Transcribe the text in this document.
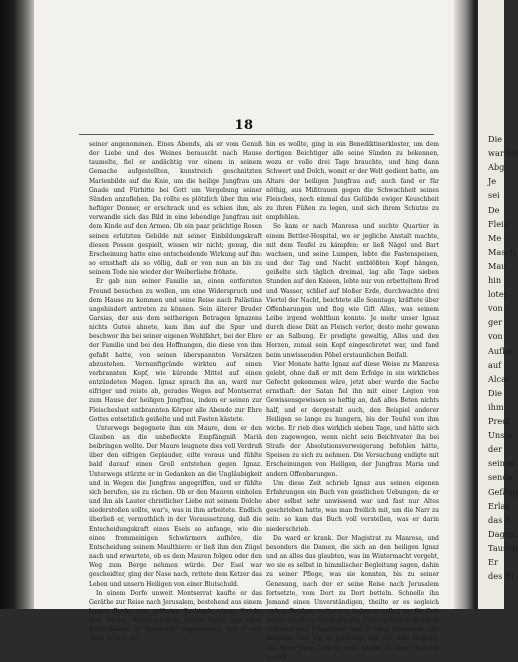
18

seiner angenommen. Eines Abends, als er vom Genuß der Liebe und des Weines berauscht nach Hause taumelte, fiel er andächtig vor einem in seinem Gemache aufgestellten, kunstreich geschnitzten Marienbilde auf die Knie, um die heilige Jungfrau um Gnade und Fürbitte bei Gott um Vergebung seiner Sünden anzuflehen. Da rollte es plötzlich über ihm wie heftiger Donner, er erschrack und es schien ihm, als verwandle sich das Bild in eine lebendige Jungfrau mit dem Kinde auf den Armen. Ob ein paar prächtige Rosen seinen erhitzten Gebilde mit seiner Einbildungskraft diesen Possen gespielt, wissen wir nicht; genug, die Erscheinung hatte eine entscheidende Wirkung auf ihn: so ernsthaft als so völlig, daß er von nun an bis zu seinem Tode nie wieder der Weiberliebe fröhnte.

Er gab nun seiner Familie an, einen entfernten Freund besuchen zu wollen, um eine Widerspruch und dem Hause zu kommen und seine Reise nach Palästina ungehindert antreten zu können. Sein älterer Bruder Garsias, der aus dem seitherigen Betragen Ignazens nichts Gutes ahnete, kam ihm auf die Spur und beschwor ihn bei seiner eigenen Wohlfahrt, bei der Ehre der Familie und bei den Hoffnungen, die diese von ihm gefaßt hatte, von seinen überspannten Vorsätzen abzustehen. Vernunftgründe wirkten auf einen verbrannten Kopf, wie kürende Mittel auf einen entzündeten Magen. Ignaz sprach ihn an, ward nur eifriger und reiste ab, gerades Weges auf Montserrat zum Hause der heiligen Jungfrau, indem er seinen zur Fleischeslust entbrannten Körper alle Abende zur Ehre Gottes entsetzlich geißelte und mit Fasten kästete.

Unterwegs begegnete ihm ein Maure, dem er den Glauben an die unbefleckte Empfängniß Mariä beibringen wollte. Der Maure leugnete dies voll Verdruß über den eifrigen Geplauder, eilte voraus und fühlte bald darauf einen Groll entstehen gegen Ignaz. Unterwegs stürzte er in Gedanken an die Ungläubigkeit und in Wegen die Jungfrau angegriffen, und er fühlte sich berufen, sie zu rächen. Ob er den Mauren einholen und ihn als Lauter christlicher Liebe mit seinem Dolche niederstoßen sollte, war's, was in ihm arbeitete. Endlich überließ er, vermuthlich in der Voraussetzung, daß die Entscheidungskraft eines Esels so anfange, wie die eines frommeinigen Schwärmers aufhöre, die Entscheidung seinem Maulthiere: er ließ ihm den Zügel nach und erwartete, ob es dem Mauren folgen oder den Weg zum Berge nehmen würde. Der Esel war gescheidter, ging der Nase nach, rettete dem Ketzer das Leben und unsern Heiligen von einer Blutschuld.

In einem Dorfe unweit Montserrat kaufte er das Geräthe zur Reise nach Jerusalem, bestehend aus einem langen Rocke vom gröbsten Sacktuch, einem Stricke zum Gürtel, Binsenschuhen, einem Stabe und einer Kürbisflasche. In Montserrat angekommen, ließ er sein Thier laufen, wo-

hin es wollte, ging in ein Benediktinerkloster, um dem dortigen Beichtiger alle seine Sünden zu bekennen, wozu er volle drei Tage brauchte, und hing dann Schwert und Dolch, womit er der Welt gedient hatte, am Altare der heiligen Jungfrau auf; auch fand er für nöthig, aus Mißtrauen gegen die Schwachheit seines Fleisches, noch einmal das Gelübde ewiger Keuschheit zu ihren Füßen zu legen, und sich ihrem Schutze zu empfehlen.

So kam er nach Manresa und suchte Quartier in einem Bettler-Hospital, wo er jegliche Anstalt machte, mit dem Teufel zu kämpfen: er ließ Nägel und Bart wachsen, und seine Lumpen, lebte die Fastenspeisen, und der Tag und Nacht entblößten Kopf hängen, geißelte sich täglich dreimal, lag alle Tage sieben Stunden auf den Knieen, lebte nur von erbetteltem Brod und Wasser, schlief auf bloßer Erde, durchwachte drei Viertel der Nacht, beichtete alle Sonntage, kräftete über Offenbarungen und flog wie Gift Alles, was seinem Leibe irgend wohlthun konnte. Je mehr unser Ignaz durch diese Diät an Fleisch verlor, desto mehr gewann er an Salbung. Er predigte gewaltig, Alles und den Herzen, zumal sein Kopf eingeschrotet war, und fand beim unwissenden Pöbel erstaunlichen Beifall.

Vier Monate hatte Ignaz auf diese Weise zu Manresa gelebt, ohne daß er mit dem Erfolge in ein wirkliches Gefecht gekommen wäre, jetzt aber wurde die Sache ernsthaft: der Satan fiel ihn mit einer Legion von Gewissensgewissen so heftig an, daß alles Beten nichts half, und er dergestalt auch, den Beispiel anderer Heiligen so lange zu hungern, bis der Teufel von ihm wiche. Er rieb dies wirklich sieben Tage, und hätte sich den zugewogen, wenn nicht sein Beichtvater ihn bei Strafe der Absolutionsverweigerung befohlen hätte, Speisen zu sich zu nehmen. Die Versuchung endigte mit Erscheinungen von Heiligen, der Jungfrau Maria und andern Offenbarungen.

Um diese Zeit schrieb Ignaz aus seinen eigenen Erfahrungen ein Buch von geistlichen Uebungen; da er aber selbst sehr unwissend war und fast nur Altes geschrieben hatte, was man freilich mit, um die Narr zu sein: so kam das Buch voll verstellen, was er darin niederschrieb.

Da ward er krank. Der Magistrat zu Manresa, und besonders die Damen, die sich an den heiligen Ignaz und an alles das glaubten, was im Wintermacht vorgebt, wo sie es selbst in himmlischer Begleitung sagen, dahin zu seiner Pflege, was sie konnten, bis zu seiner Genesung, nach der er seine Reise nach Jerusalem fortsetzte, vom Dort zu Dort betteln. Schnelle ihn Jemand einen Unverständigen, theilte er es sogleich andern Bettlern weiter aus, indem er selbst nur für Gott weiter Chrift zu haben pflegte. Unter unbeschreiblichen Gefahren und Drangsalen kam er nach Jerusalem, und besuchte dort wie in Jerusalen und von dem Delberg. Auf diese Weise kam er auch wieder in seine Heimath zurück.

Die
war sei
Abg
Je
sei
De
Fleis
Me
Masch
Mau
hin
loter
von
ger
von
Aufbe
auf
Alcal
Die
ihm
Predi
Unsta
der
seinen
sende
Gefäng
Erlau
das R
Dagen
Tausen
Er
des Ri
